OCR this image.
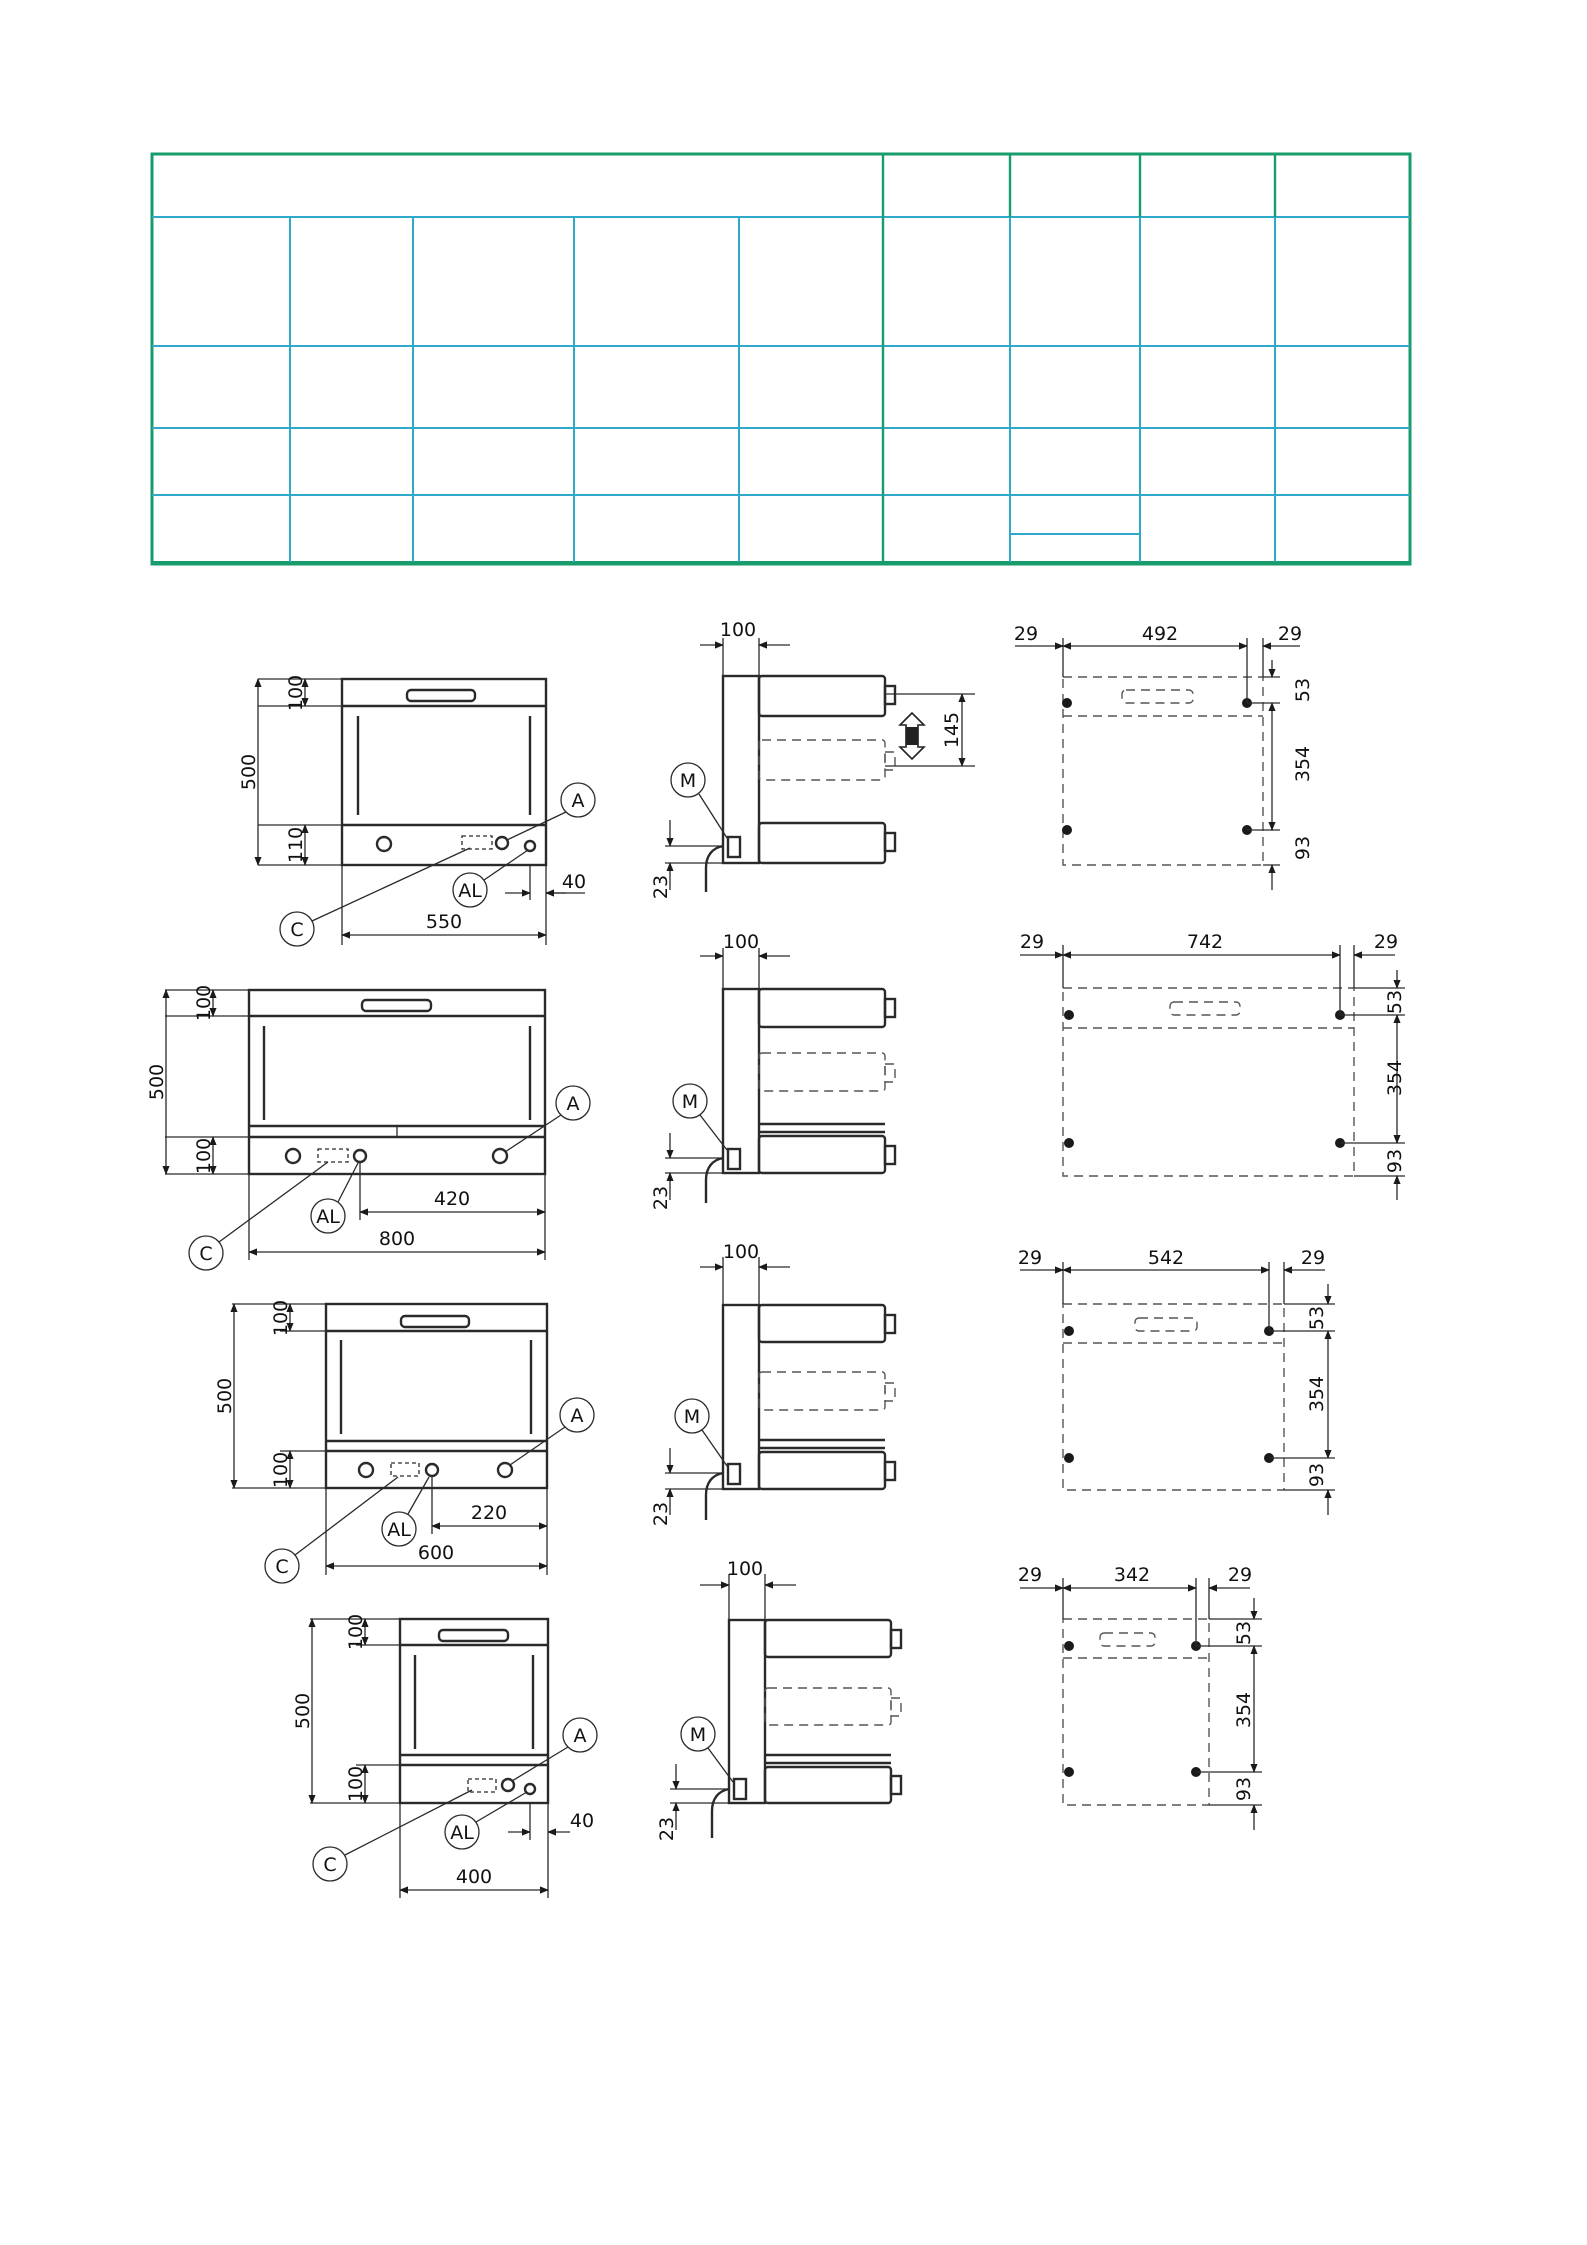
500
100
110
550
40
A
C
AL
500
100
100
800
420
A
C
AL
500
100
100
600
220
A
C
AL
500
100
100
400
40
A
C
AL
100
23
145
M
100
23
M
100
23
M
100
23
M
29	492	29
53
354
93
29	742	29
53
354
93
29	542	29
53
354
93
29	342	29
53
354
93
